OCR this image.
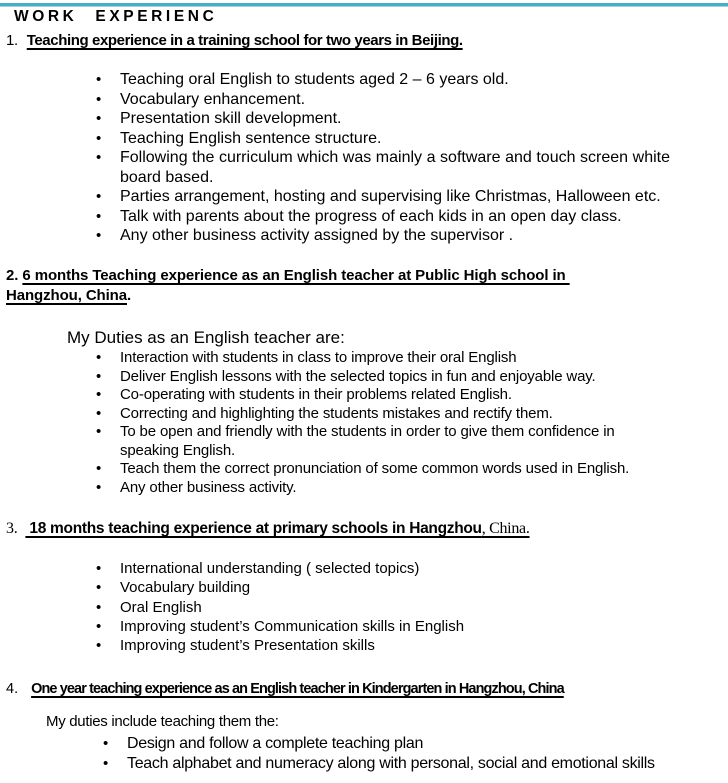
WORK EXPERIENC
1. Teaching experience in a training school for two years in Beijing.
• Teaching oral English to students aged 2 – 6 years old.
• Vocabulary enhancement.
• Presentation skill development.
• Teaching English sentence structure.
• Following the curriculum which was mainly a software and touch screen white board based.
• Parties arrangement, hosting and supervising like Christmas, Halloween etc.
• Talk with parents about the progress of each kids in an open day class.
• Any other business activity assigned by the supervisor .
2. 6 months Teaching experience as an English teacher at Public High school in
Hangzhou, China.
My Duties as an English teacher are:
• Interaction with students in class to improve their oral English
• Deliver English lessons with the selected topics in fun and enjoyable way.
• Co-operating with students in their problems related English.
• Correcting and highlighting the students mistakes and rectify them.
• To be open and friendly with the students in order to give them confidence in speaking English.
• Teach them the correct pronunciation of some common words used in English.
• Any other business activity.
3. 18 months teaching experience at primary schools in Hangzhou, China.
• International understanding ( selected topics)
• Vocabulary building
• Oral English
• Improving student’s Communication skills in English
• Improving student’s Presentation skills
4. One year teaching experience as an English teacher in Kindergarten in Hangzhou, China
My duties include teaching them the:
• Design and follow a complete teaching plan
• Teach alphabet and numeracy along with personal, social and emotional skills
